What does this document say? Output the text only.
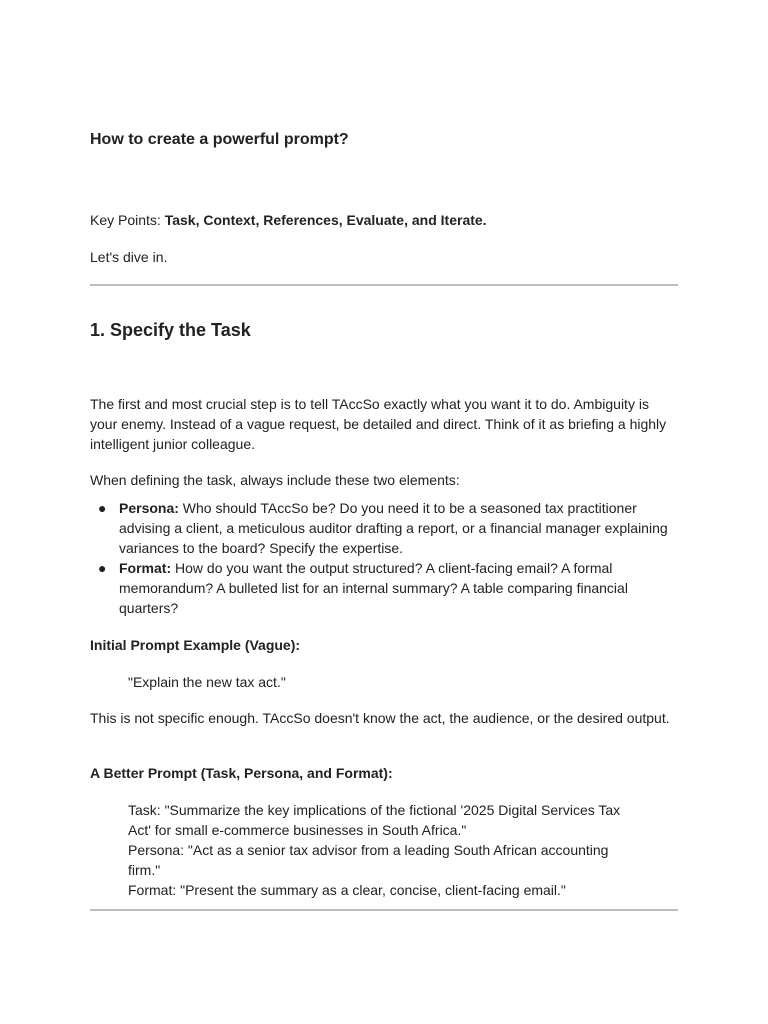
How to create a powerful prompt?
Key Points: Task, Context, References, Evaluate, and Iterate.
Let's dive in.
1. Specify the Task
The first and most crucial step is to tell TAccSo exactly what you want it to do. Ambiguity is your enemy. Instead of a vague request, be detailed and direct. Think of it as briefing a highly intelligent junior colleague.
When defining the task, always include these two elements:
● Persona: Who should TAccSo be? Do you need it to be a seasoned tax practitioner advising a client, a meticulous auditor drafting a report, or a financial manager explaining variances to the board? Specify the expertise.
● Format: How do you want the output structured? A client-facing email? A formal memorandum? A bulleted list for an internal summary? A table comparing financial quarters?
Initial Prompt Example (Vague):
"Explain the new tax act."
This is not specific enough. TAccSo doesn't know the act, the audience, or the desired output.
A Better Prompt (Task, Persona, and Format):
Task: "Summarize the key implications of the fictional '2025 Digital Services Tax Act' for small e-commerce businesses in South Africa."
Persona: "Act as a senior tax advisor from a leading South African accounting firm."
Format: "Present the summary as a clear, concise, client-facing email."
